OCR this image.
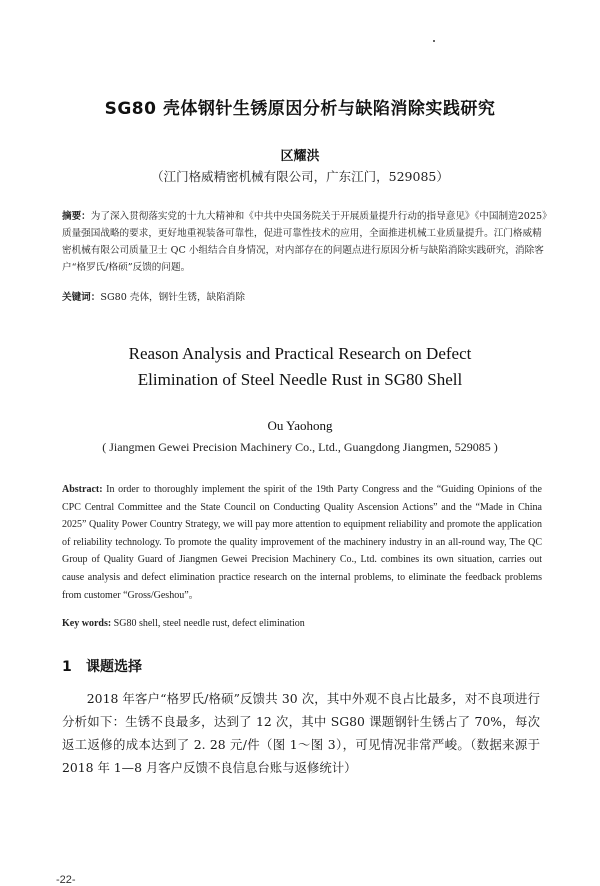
SG80 壳体钢针生锈原因分析与缺陷消除实践研究
区耀洪
（江门格威精密机械有限公司，广东江门，529085）
摘要：为了深入贯彻落实党的十九大精神和《中共中央国务院关于开展质量提升行动的指导意见》《中国制造2025》质量强国战略的要求，更好地重视装备可靠性，促进可靠性技术的应用，全面推进机械工业质量提升。江门格威精密机械有限公司质量卫士 QC 小组结合自身情况，对内部存在的问题点进行原因分析与缺陷消除实践研究，消除客户“格罗氏/格硕”反馈的问题。
关键词：SG80 壳体，钢针生锈，缺陷消除
Reason Analysis and Practical Research on Defect
Elimination of Steel Needle Rust in SG80 Shell
Ou Yaohong
( Jiangmen Gewei Precision Machinery Co., Ltd., Guangdong Jiangmen, 529085 )
Abstract: In order to thoroughly implement the spirit of the 19th Party Congress and the “Guiding Opinions of the CPC Central Committee and the State Council on Conducting Quality Ascension Actions” and the “Made in China 2025” Quality Power Country Strategy, we will pay more attention to equipment reliability and promote the application of reliability technology. To promote the quality improvement of the machinery industry in an all-round way, The QC Group of Quality Guard of Jiangmen Gewei Precision Machinery Co., Ltd. combines its own situation, carries out cause analysis and defect elimination practice research on the internal problems, to eliminate the feedback problems from customer “Gross/Geshou”。
Key words: SG80 shell, steel needle rust, defect elimination
1 课题选择
2018 年客户“格罗氏/格硕”反馈共 30 次，其中外观不良占比最多，对不良项进行分析如下：生锈不良最多，达到了 12 次，其中 SG80 课题钢针生锈占了 70%，每次返工返修的成本达到了 2. 28 元/件（图 1～图 3），可见情况非常严峻。（数据来源于 2018 年 1—8 月客户反馈不良信息台账与返修统计）
-22-
